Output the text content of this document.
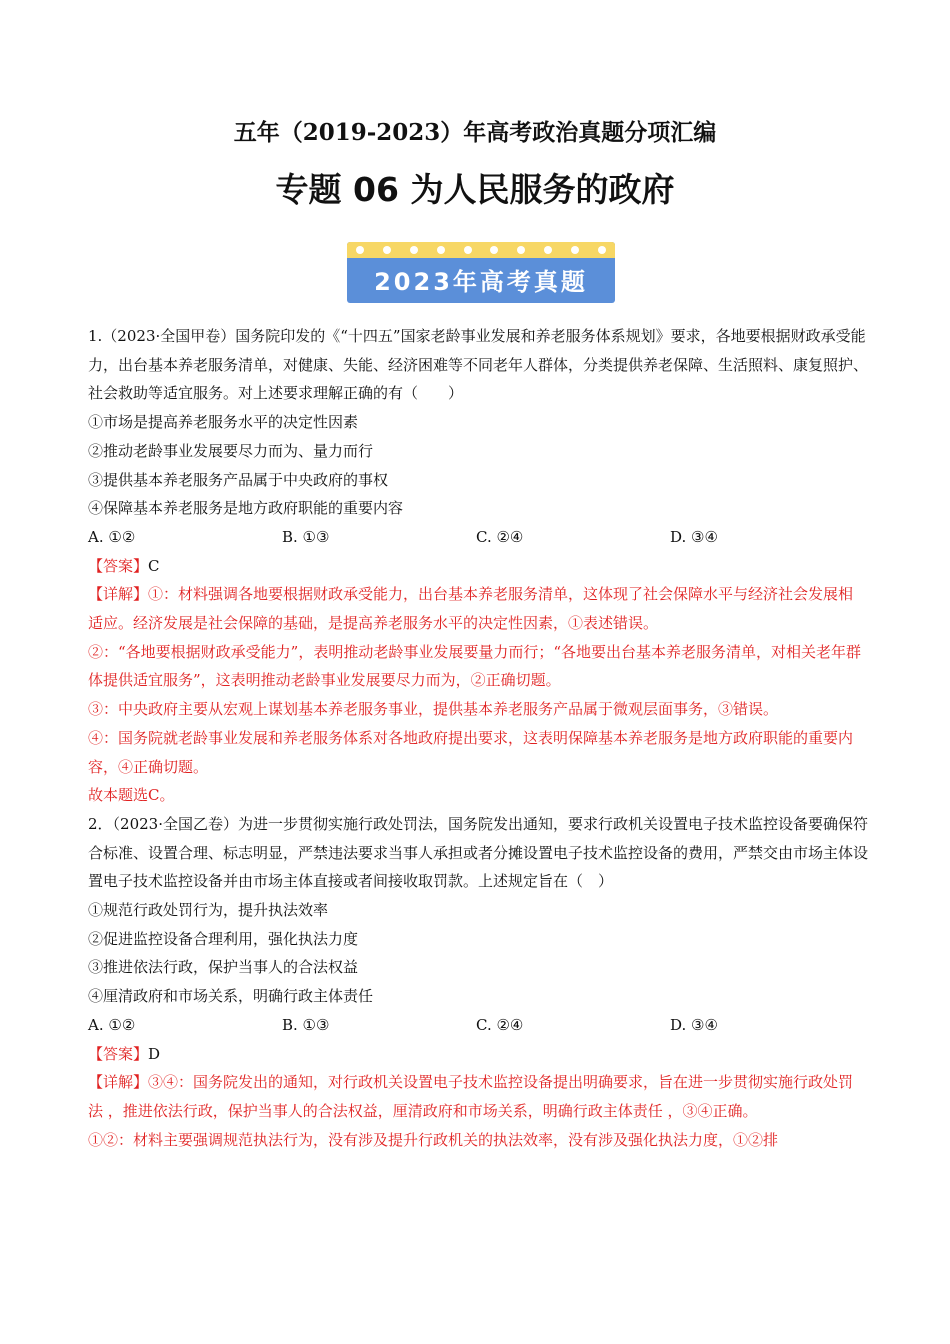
五年（2019-2023）年高考政治真题分项汇编
专题 06 为人民服务的政府
2023年高考真题

1.（2023·全国甲卷）国务院印发的《“十四五”国家老龄事业发展和养老服务体系规划》要求，各地要根据财政承受能力，出台基本养老服务清单，对健康、失能、经济困难等不同老年人群体，分类提供养老保障、生活照料、康复照护、社会救助等适宜服务。对上述要求理解正确的有（　　）

①市场是提高养老服务水平的决定性因素

②推动老龄事业发展要尽力而为、量力而行

③提供基本养老服务产品属于中央政府的事权

④保障基本养老服务是地方政府职能的重要内容

A. ①②	B. ①③	C. ②④	D. ③④

【答案】C

【详解】①：材料强调各地要根据财政承受能力，出台基本养老服务清单，这体现了社会保障水平与经济社会发展相适应。经济发展是社会保障的基础，是提高养老服务水平的决定性因素，①表述错误。

②：“各地要根据财政承受能力”，表明推动老龄事业发展要量力而行；“各地要出台基本养老服务清单，对相关老年群体提供适宜服务”，这表明推动老龄事业发展要尽力而为，②正确切题。

③：中央政府主要从宏观上谋划基本养老服务事业，提供基本养老服务产品属于微观层面事务，③错误。

④：国务院就老龄事业发展和养老服务体系对各地政府提出要求，这表明保障基本养老服务是地方政府职能的重要内容，④正确切题。

故本题选C。

2．（2023·全国乙卷）为进一步贯彻实施行政处罚法，国务院发出通知，要求行政机关设置电子技术监控设备要确保符合标准、设置合理、标志明显，严禁违法要求当事人承担或者分摊设置电子技术监控设备的费用，严禁交由市场主体设置电子技术监控设备并由市场主体直接或者间接收取罚款。上述规定旨在（　）

①规范行政处罚行为，提升执法效率

②促进监控设备合理利用，强化执法力度

③推进依法行政，保护当事人的合法权益

④厘清政府和市场关系，明确行政主体责任

A. ①②	B. ①③	C. ②④	D. ③④

【答案】D

【详解】③④：国务院发出的通知，对行政机关设置电子技术监控设备提出明确要求，旨在进一步贯彻实施行政处罚法 ，推进依法行政，保护当事人的合法权益，厘清政府和市场关系，明确行政主体责任 ，③④正确。

①②：材料主要强调规范执法行为，没有涉及提升行政机关的执法效率，没有涉及强化执法力度，①②排
